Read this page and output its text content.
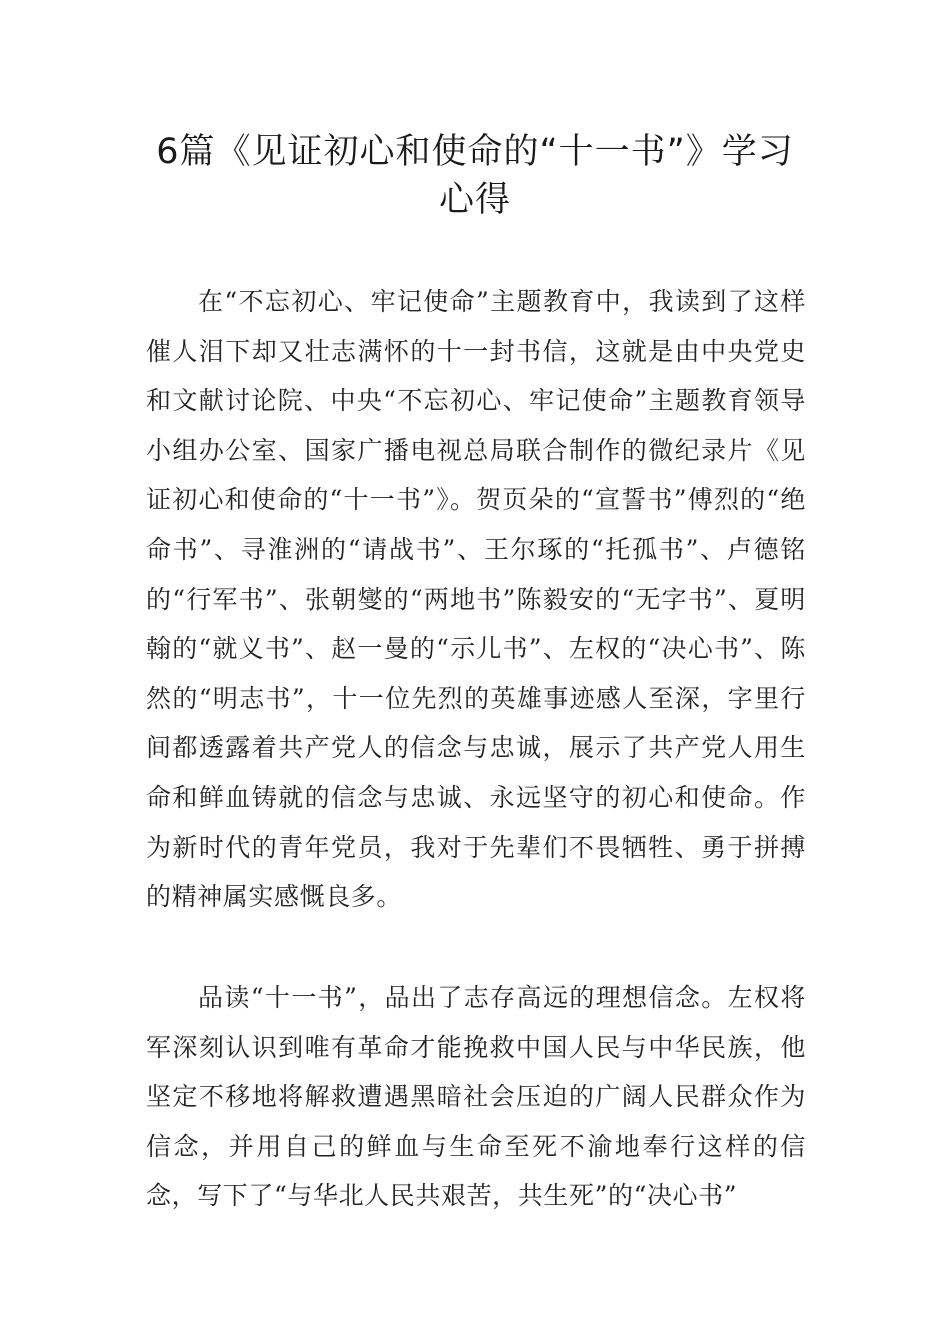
6篇《见证初心和使命的“十一书”》学习心得

在“不忘初心、牢记使命”主题教育中，我读到了这样催人泪下却又壮志满怀的十一封书信，这就是由中央党史和文献讨论院、中央“不忘初心、牢记使命”主题教育领导小组办公室、国家广播电视总局联合制作的微纪录片《见证初心和使命的“十一书”》。贺页朵的“宣誓书”傅烈的“绝命书”、寻淮洲的“请战书”、王尔琢的“托孤书”、卢德铭的“行军书”、张朝燮的“两地书”陈毅安的“无字书”、夏明翰的“就义书”、赵一曼的“示儿书”、左权的“决心书”、陈然的“明志书”，十一位先烈的英雄事迹感人至深，字里行间都透露着共产党人的信念与忠诚，展示了共产党人用生命和鲜血铸就的信念与忠诚、永远坚守的初心和使命。作为新时代的青年党员，我对于先辈们不畏牺牲、勇于拼搏的精神属实感慨良多。

品读“十一书”，品出了志存高远的理想信念。左权将军深刻认识到唯有革命才能挽救中国人民与中华民族，他坚定不移地将解救遭遇黑暗社会压迫的广阔人民群众作为信念，并用自己的鲜血与生命至死不渝地奉行这样的信念，写下了“与华北人民共艰苦，共生死”的“决心书”
